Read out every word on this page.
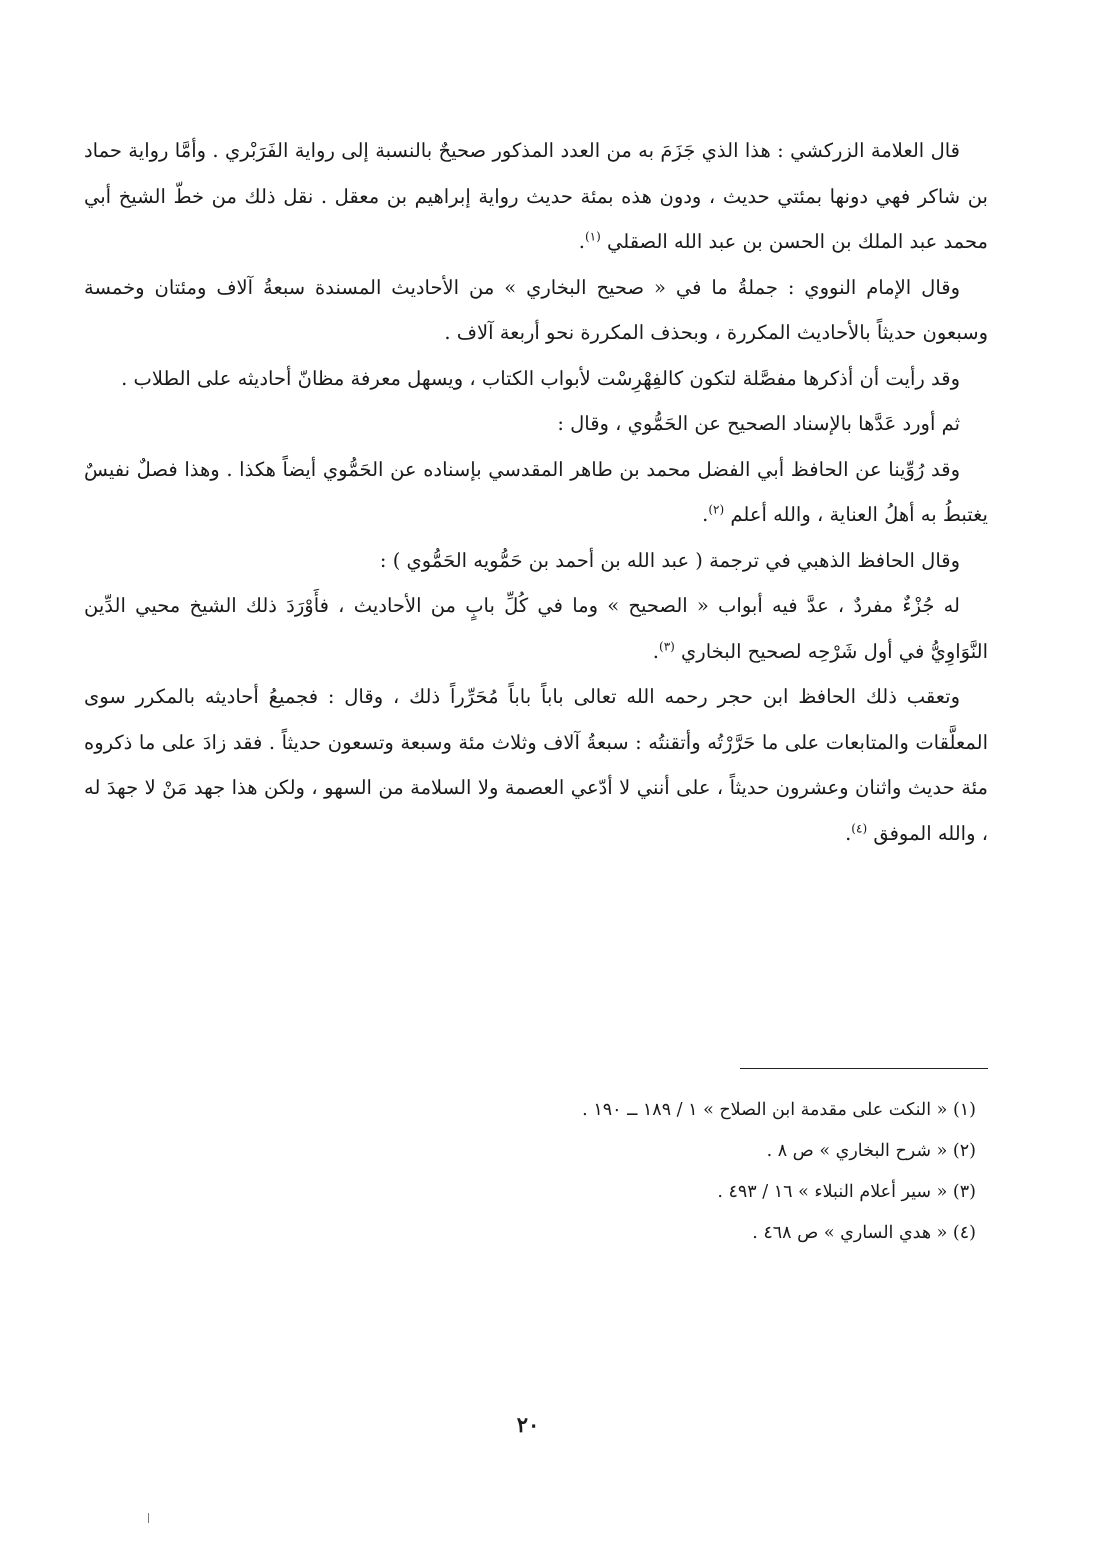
قال العلامة الزركشي : هذا الذي جَزَمَ به من العدد المذكور صحيحٌ بالنسبة إلى رواية الفَرَبْري . وأمَّا رواية حماد بن شاكر فهي دونها بمئتي حديث ، ودون هذه بمئة حديث رواية إبراهيم بن معقل . نقل ذلك من خطّ الشيخ أبي محمد عبد الملك بن الحسن بن عبد الله الصقلي $^{(١)}$.

وقال الإمام النووي : جملةُ ما في « صحيح البخاري » من الأحاديث المسندة سبعةُ آلاف ومئتان وخمسة وسبعون حديثاً بالأحاديث المكررة ، وبحذف المكررة نحو أربعة آلاف .

وقد رأيت أن أذكرها مفصَّلة لتكون كالفِهْرِسْت لأبواب الكتاب ، ويسهل معرفة مظانّ أحاديثه على الطلاب .

ثم أورد عَدَّها بالإسناد الصحيح عن الحَمُّوي ، وقال :

وقد رُوِّينا عن الحافظ أبي الفضل محمد بن طاهر المقدسي بإسناده عن الحَمُّوي أيضاً هكذا . وهذا فصلٌ نفيسٌ يغتبطُ به أهلُ العناية ، والله أعلم $^{(٢)}$.

وقال الحافظ الذهبي في ترجمة ( عبد الله بن أحمد بن حَمُّويه الحَمُّوي ) :

له جُزْءٌ مفردٌ ، عدَّ فيه أبواب « الصحيح » وما في كُلِّ بابٍ من الأحاديث ، فأَوْرَدَ ذلك الشيخ محيي الدِّين النَّوَاوِيُّ في أول شَرْحِه لصحيح البخاري $^{(٣)}$.

وتعقب ذلك الحافظ ابن حجر رحمه الله تعالى باباً باباً مُحَرِّراً ذلك ، وقال : فجميعُ أحاديثه بالمكرر سوى المعلَّقات والمتابعات على ما حَرَّرْتُه وأتقنتُه : سبعةُ آلاف وثلاث مئة وسبعة وتسعون حديثاً . فقد زادَ على ما ذكروه مئة حديث واثنان وعشرون حديثاً ، على أنني لا أدّعي العصمة ولا السلامة من السهو ، ولكن هذا جهد مَنْ لا جهدَ له ، والله الموفق $^{(٤)}$.

(١) « النكت على مقدمة ابن الصلاح » ١ / ١٨٩ ــ ١٩٠ .

(٢) « شرح البخاري » ص ٨ .

(٣) « سير أعلام النبلاء » ١٦ / ٤٩٣ .

(٤) « هدي الساري » ص ٤٦٨ .

٢٠
